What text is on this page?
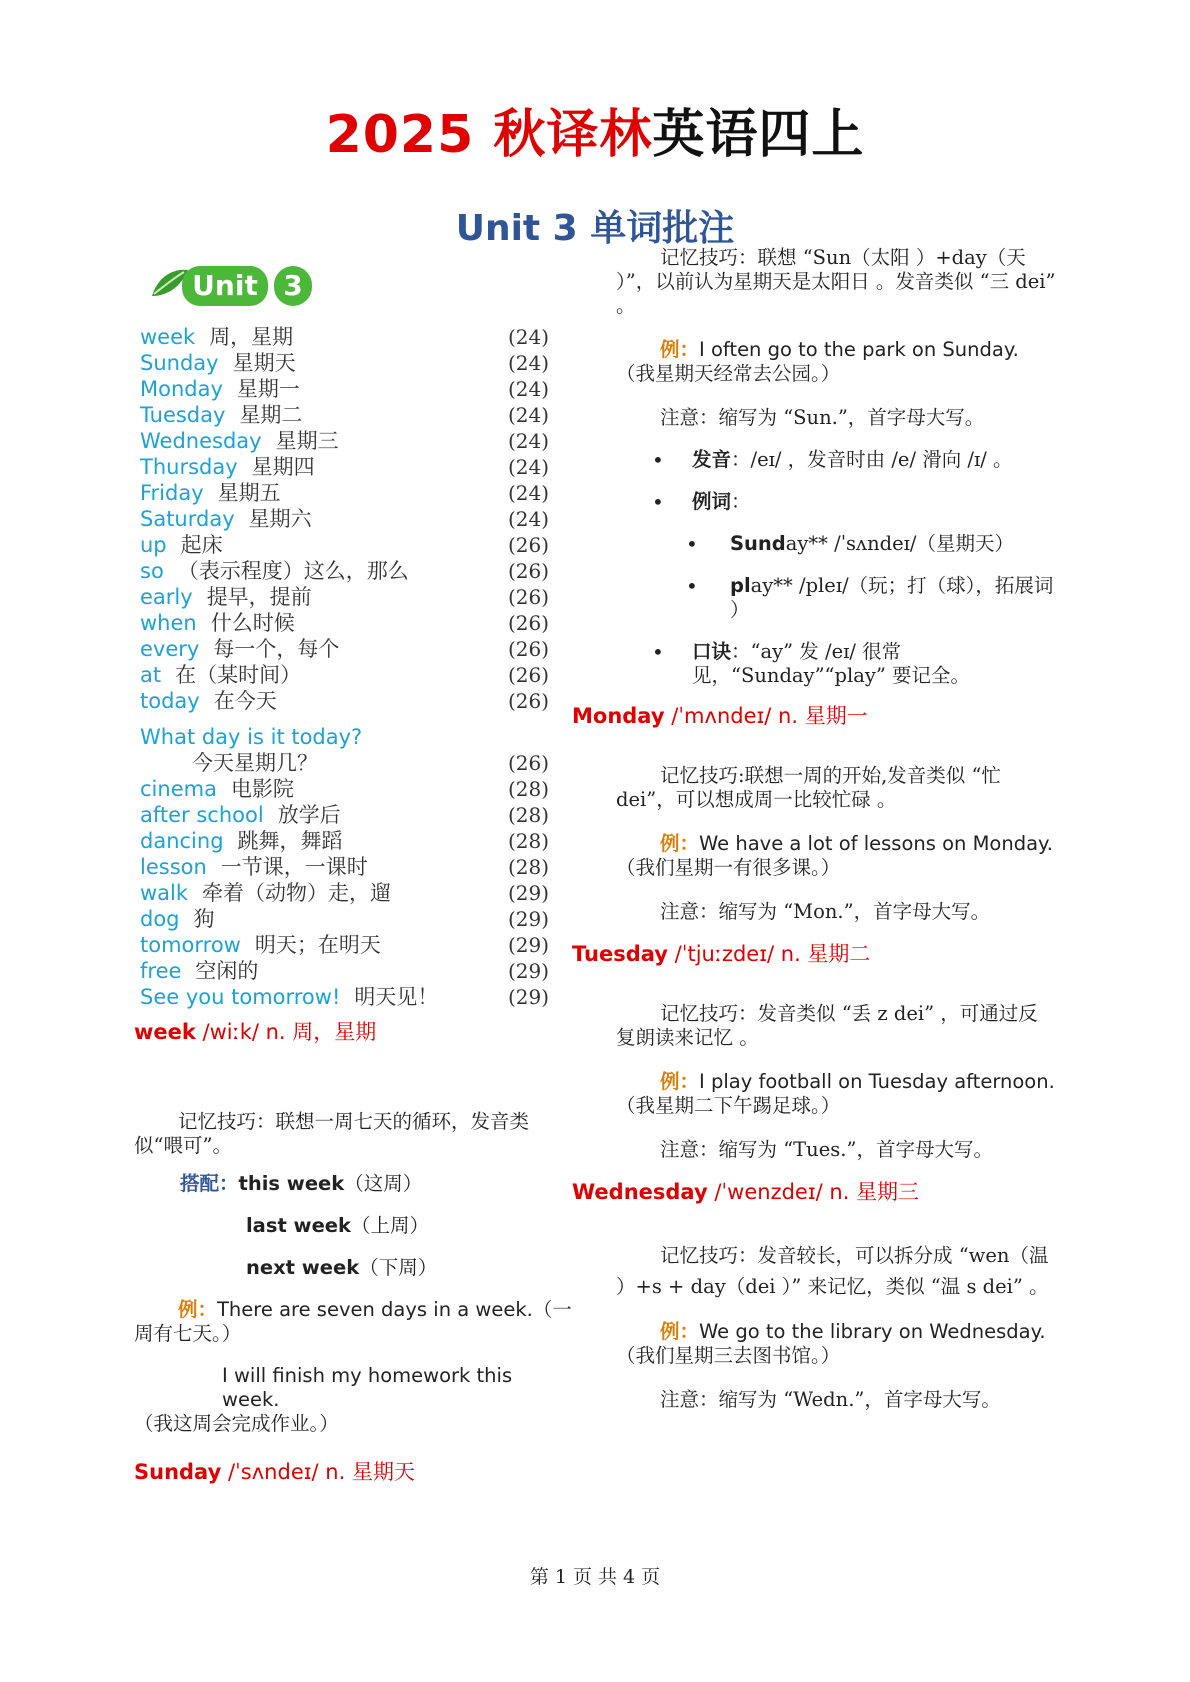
2025 秋译林英语四上
Unit 3 单词批注
Unit 3
week 周，星期	(24)
Sunday 星期天	(24)
Monday 星期一	(24)
Tuesday 星期二	(24)
Wednesday 星期三	(24)
Thursday 星期四	(24)
Friday 星期五	(24)
Saturday 星期六	(24)
up 起床	(26)
so （表示程度）这么，那么	(26)
early 提早，提前	(26)
when 什么时候	(26)
every 每一个，每个	(26)
at 在（某时间）	(26)
today 在今天	(26)
What day is it today?
今天星期几？	(26)
cinema 电影院	(28)
after school 放学后	(28)
dancing 跳舞，舞蹈	(28)
lesson 一节课，一课时	(28)
walk 牵着（动物）走，遛	(29)
dog 狗	(29)
tomorrow 明天；在明天	(29)
free 空闲的	(29)
See you tomorrow! 明天见！	(29)
week /wiːk/ n. 周，星期

记忆技巧：联想一周七天的循环，发音类似“喂可”。

搭配：this week（这周）

last week（上周）

next week（下周）

例：There are seven days in a week.（一周有七天。）

I will finish my homework this week.

（我这周会完成作业。）

Sunday /ˈsʌndeɪ/ n. 星期天

记忆技巧：联想 “Sun（太阳 ）+day（天 ）”，以前认为星期天是太阳日 。发音类似 “三 dei” 。

例：I often go to the park on Sunday.（我星期天经常去公园。）

注意：缩写为 “Sun.”，首字母大写。

• 发音：/eɪ/ ，发音时由 /e/ 滑向 /ɪ/ 。

• 例词：

• Sunday** /ˈsʌndeɪ/（星期天）

• play** /pleɪ/（玩；打（球），拓展词 ）

• 口诀：“ay” 发 /eɪ/ 很常见，“Sunday”“play” 要记全。

Monday /ˈmʌndeɪ/ n. 星期一

记忆技巧:联想一周的开始,发音类似 “忙 dei”，可以想成周一比较忙碌 。

例：We have a lot of lessons on Monday.（我们星期一有很多课。）

注意：缩写为 “Mon.”，首字母大写。

Tuesday /ˈtjuːzdeɪ/ n. 星期二

记忆技巧：发音类似 “丢 z dei” ，可通过反复朗读来记忆 。

例：I play football on Tuesday afternoon.（我星期二下午踢足球。）

注意：缩写为 “Tues.”，首字母大写。

Wednesday /ˈwenzdeɪ/ n. 星期三

记忆技巧：发音较长，可以拆分成 “wen（温 ）+s + day（dei ）” 来记忆，类似 “温 s dei” 。

例：We go to the library on Wednesday.（我们星期三去图书馆。）

注意：缩写为 “Wedn.”，首字母大写。

第 1 页 共 4 页
